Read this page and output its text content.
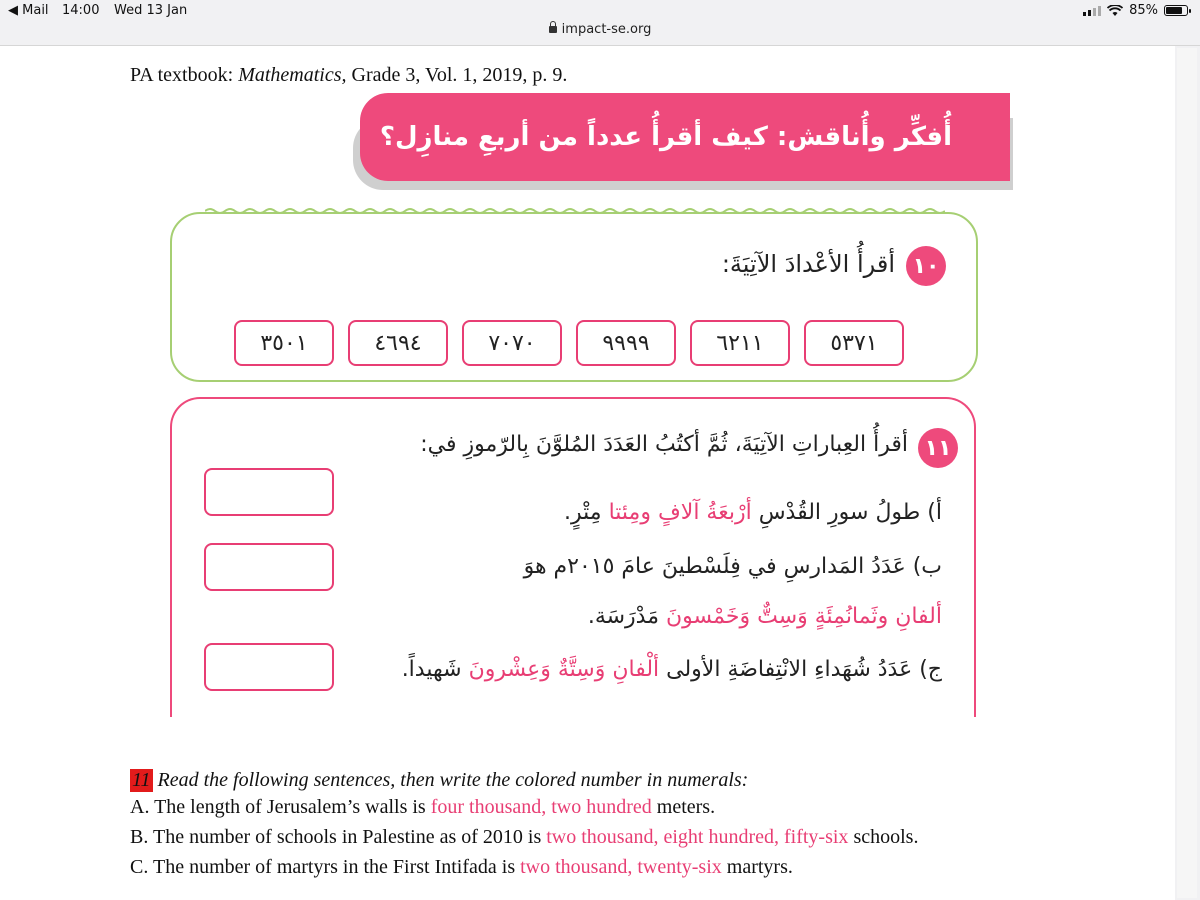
◀ Mail 14:00 Wed 13 Jan	85%
impact-se.org
PA textbook: Mathematics, Grade 3, Vol. 1, 2019, p. 9.
أُفكِّر وأُناقش: كيف أقرأُ عدداً من أربعِ منازِل؟
١٠
أقرأُ الأعْدادَ الآتِيَةَ:
٣٥٠١	٤٦٩٤	٧٠٧٠	٩٩٩٩	٦٢١١	٥٣٧١
١١
أقرأُ العِباراتِ الآتِيَةَ، ثُمَّ أكتُبُ العَدَدَ المُلوَّنَ بِالرّموزِ في:
أ) طولُ سورِ القُدْسِ أرْبعَةُ آلافٍ ومِئتا مِتْرٍ.
ب) عَدَدُ المَدارسِ في فِلَسْطينَ عامَ ٢٠١٥م هوَ
ألفانِ وثَمانُمِئَةٍ وَسِتٌّ وَخَمْسونَ مَدْرَسَة.
ج) عَدَدُ شُهَداءِ الانْتِفاضَةِ الأولى ألْفانِ وَسِتَّةٌ وَعِشْرونَ شَهيداً.
11 Read the following sentences, then write the colored number in numerals:
A. The length of Jerusalem’s walls is four thousand, two hundred meters.
B. The number of schools in Palestine as of 2010 is two thousand, eight hundred, fifty-six schools.
C. The number of martyrs in the First Intifada is two thousand, twenty-six martyrs.
